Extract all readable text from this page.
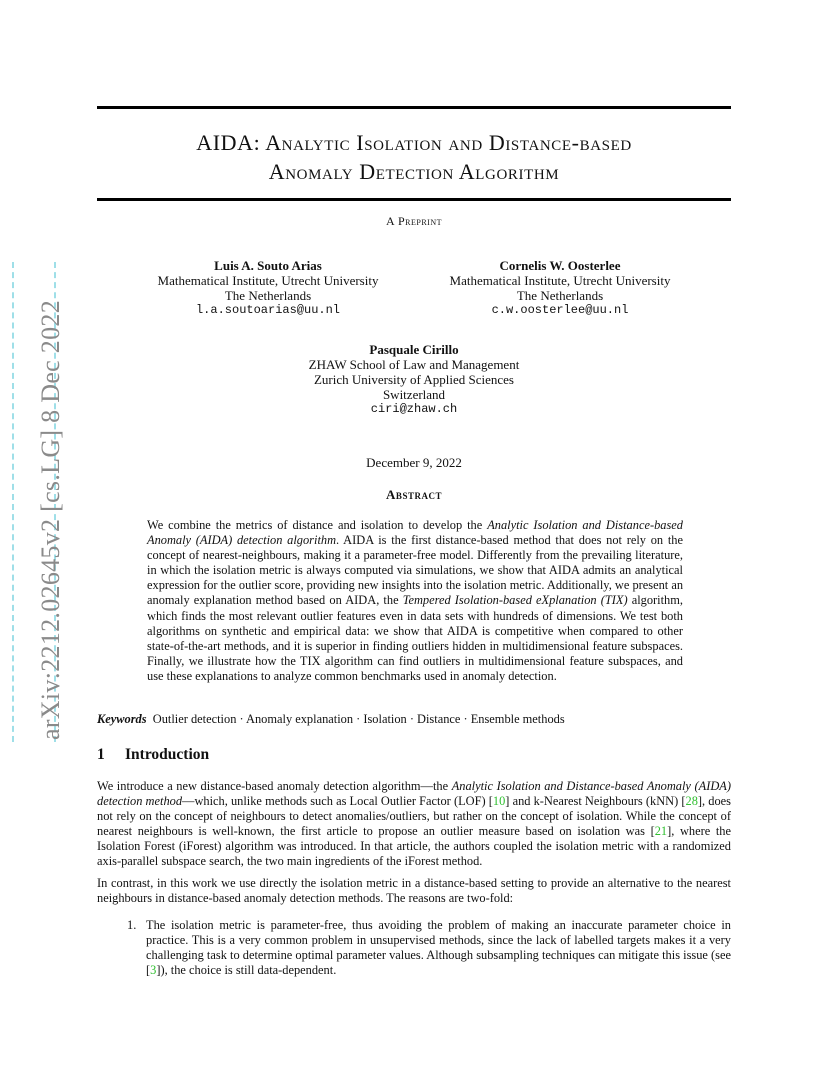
arXiv:2212.02645v2 [cs.LG] 8 Dec 2022
AIDA: Analytic Isolation and Distance-based
Anomaly Detection Algorithm
A Preprint
Luis A. Souto Arias
Mathematical Institute, Utrecht University
The Netherlands
l.a.soutoarias@uu.nl
Cornelis W. Oosterlee
Mathematical Institute, Utrecht University
The Netherlands
c.w.oosterlee@uu.nl
Pasquale Cirillo
ZHAW School of Law and Management
Zurich University of Applied Sciences
Switzerland
ciri@zhaw.ch
December 9, 2022
Abstract
We combine the metrics of distance and isolation to develop the Analytic Isolation and Distance-based Anomaly (AIDA) detection algorithm. AIDA is the first distance-based method that does not rely on the concept of nearest-neighbours, making it a parameter-free model. Differently from the prevailing literature, in which the isolation metric is always computed via simulations, we show that AIDA admits an analytical expression for the outlier score, providing new insights into the isolation metric. Additionally, we present an anomaly explanation method based on AIDA, the Tempered Isolation-based eXplanation (TIX) algorithm, which finds the most relevant outlier features even in data sets with hundreds of dimensions. We test both algorithms on synthetic and empirical data: we show that AIDA is competitive when compared to other state-of-the-art methods, and it is superior in finding outliers hidden in multidimensional feature subspaces. Finally, we illustrate how the TIX algorithm can find outliers in multidimensional feature subspaces, and use these explanations to analyze common benchmarks used in anomaly detection.
Keywords Outlier detection · Anomaly explanation · Isolation · Distance · Ensemble methods
1 Introduction
We introduce a new distance-based anomaly detection algorithm—the Analytic Isolation and Distance-based Anomaly (AIDA) detection method—which, unlike methods such as Local Outlier Factor (LOF) [10] and k-Nearest Neighbours (kNN) [28], does not rely on the concept of neighbours to detect anomalies/outliers, but rather on the concept of isolation. While the concept of nearest neighbours is well-known, the first article to propose an outlier measure based on isolation was [21], where the Isolation Forest (iForest) algorithm was introduced. In that article, the authors coupled the isolation metric with a randomized axis-parallel subspace search, the two main ingredients of the iForest method.
In contrast, in this work we use directly the isolation metric in a distance-based setting to provide an alternative to the nearest neighbours in distance-based anomaly detection methods. The reasons are two-fold:
1. The isolation metric is parameter-free, thus avoiding the problem of making an inaccurate parameter choice in practice. This is a very common problem in unsupervised methods, since the lack of labelled targets makes it a very challenging task to determine optimal parameter values. Although subsampling techniques can mitigate this issue (see [3]), the choice is still data-dependent.
